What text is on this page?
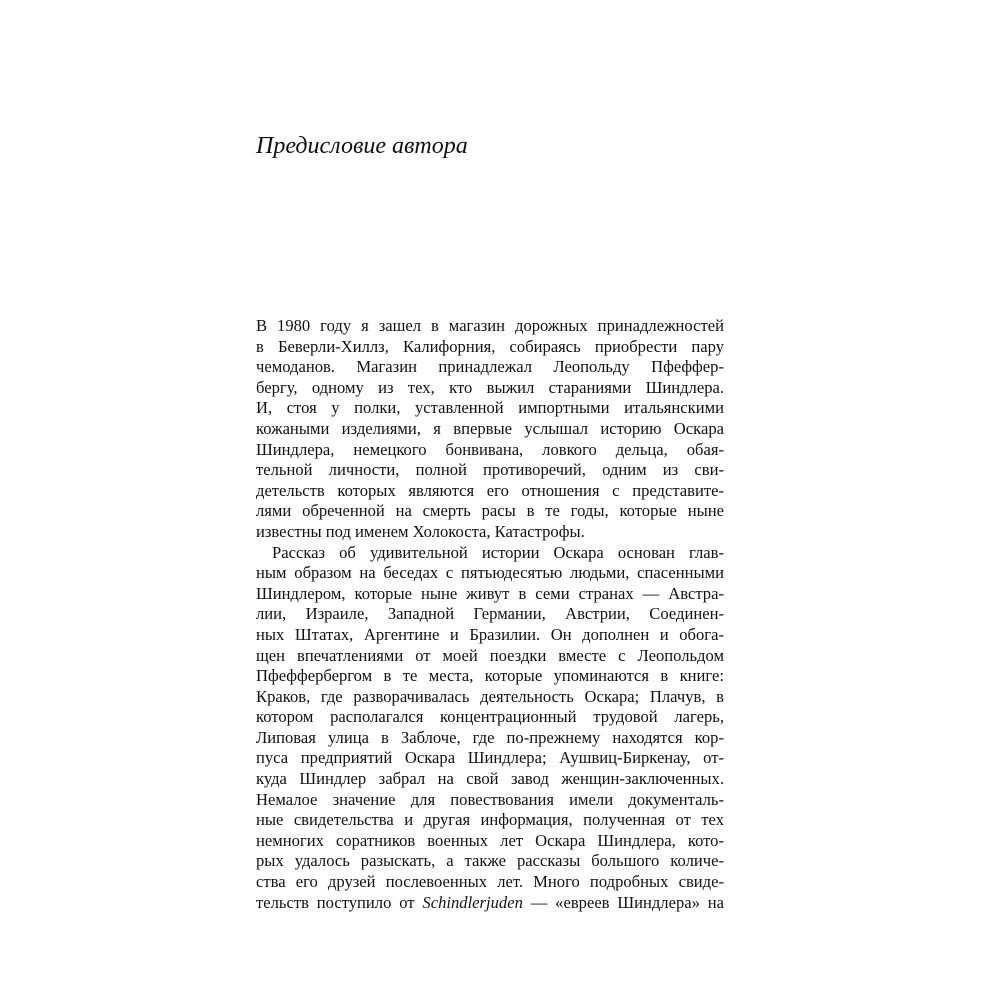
Предисловие автора
В 1980 году я зашел в магазин дорожных принадлежностей
в Беверли-Хиллз, Калифорния, собираясь приобрести пару
чемоданов. Магазин принадлежал Леопольду Пфеффер-
бергу, одному из тех, кто выжил стараниями Шиндлера.
И, стоя у полки, уставленной импортными итальянскими
кожаными изделиями, я впервые услышал историю Оскара
Шиндлера, немецкого бонвивана, ловкого дельца, обая-
тельной личности, полной противоречий, одним из сви-
детельств которых являются его отношения с представите-
лями обреченной на смерть расы в те годы, которые ныне
известны под именем Холокоста, Катастрофы.
Рассказ об удивительной истории Оскара основан глав-
ным образом на беседах с пятьюдесятью людьми, спасенными
Шиндлером, которые ныне живут в семи странах — Австра-
лии, Израиле, Западной Германии, Австрии, Соединен-
ных Штатах, Аргентине и Бразилии. Он дополнен и обога-
щен впечатлениями от моей поездки вместе с Леопольдом
Пфеффербергом в те места, которые упоминаются в книге:
Краков, где разворачивалась деятельность Оскара; Плачув, в
котором располагался концентрационный трудовой лагерь,
Липовая улица в Заблоче, где по-прежнему находятся кор-
пуса предприятий Оскара Шиндлера; Аушвиц-Биркенау, от-
куда Шиндлер забрал на свой завод женщин-заключенных.
Немалое значение для повествования имели документаль-
ные свидетельства и другая информация, полученная от тех
немногих соратников военных лет Оскара Шиндлера, кото-
рых удалось разыскать, а также рассказы большого количе-
ства его друзей послевоенных лет. Много подробных свиде-
тельств поступило от Schindlerjuden — «евреев Шиндлера» на
